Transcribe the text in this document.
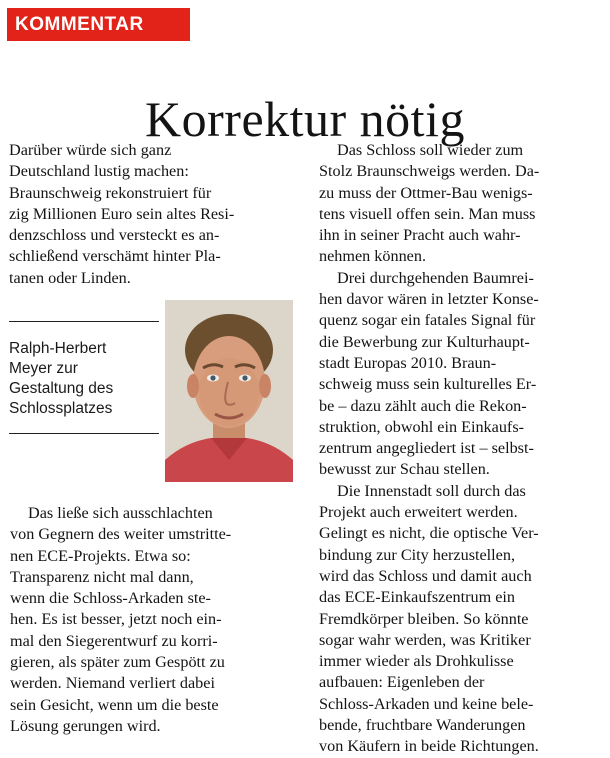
KOMMENTAR
Korrektur nötig

Darüber würde sich ganz

Deutschland lustig machen:

Braunschweig rekonstruiert für

zig Millionen Euro sein altes Resi-

denzschloss und versteckt es an-

schließend verschämt hinter Pla-

tanen oder Linden.

Ralph-Herbert
Meyer zur
Gestaltung des
Schlossplatzes

Das ließe sich ausschlachten

von Gegnern des weiter umstritte-

nen ECE-Projekts. Etwa so:

Transparenz nicht mal dann,

wenn die Schloss-Arkaden ste-

hen. Es ist besser, jetzt noch ein-

mal den Siegerentwurf zu korri-

gieren, als später zum Gespött zu

werden. Niemand verliert dabei

sein Gesicht, wenn um die beste

Lösung gerungen wird.

Das Schloss soll wieder zum

Stolz Braunschweigs werden. Da-

zu muss der Ottmer-Bau wenigs-

tens visuell offen sein. Man muss

ihn in seiner Pracht auch wahr-

nehmen können.

Drei durchgehenden Baumrei-

hen davor wären in letzter Konse-

quenz sogar ein fatales Signal für

die Bewerbung zur Kulturhaupt-

stadt Europas 2010. Braun-

schweig muss sein kulturelles Er-

be – dazu zählt auch die Rekon-

struktion, obwohl ein Einkaufs-

zentrum angegliedert ist – selbst-

bewusst zur Schau stellen.

Die Innenstadt soll durch das

Projekt auch erweitert werden.

Gelingt es nicht, die optische Ver-

bindung zur City herzustellen,

wird das Schloss und damit auch

das ECE-Einkaufszentrum ein

Fremdkörper bleiben. So könnte

sogar wahr werden, was Kritiker

immer wieder als Drohkulisse

aufbauen: Eigenleben der

Schloss-Arkaden und keine bele-

bende, fruchtbare Wanderungen

von Käufern in beide Richtungen.
